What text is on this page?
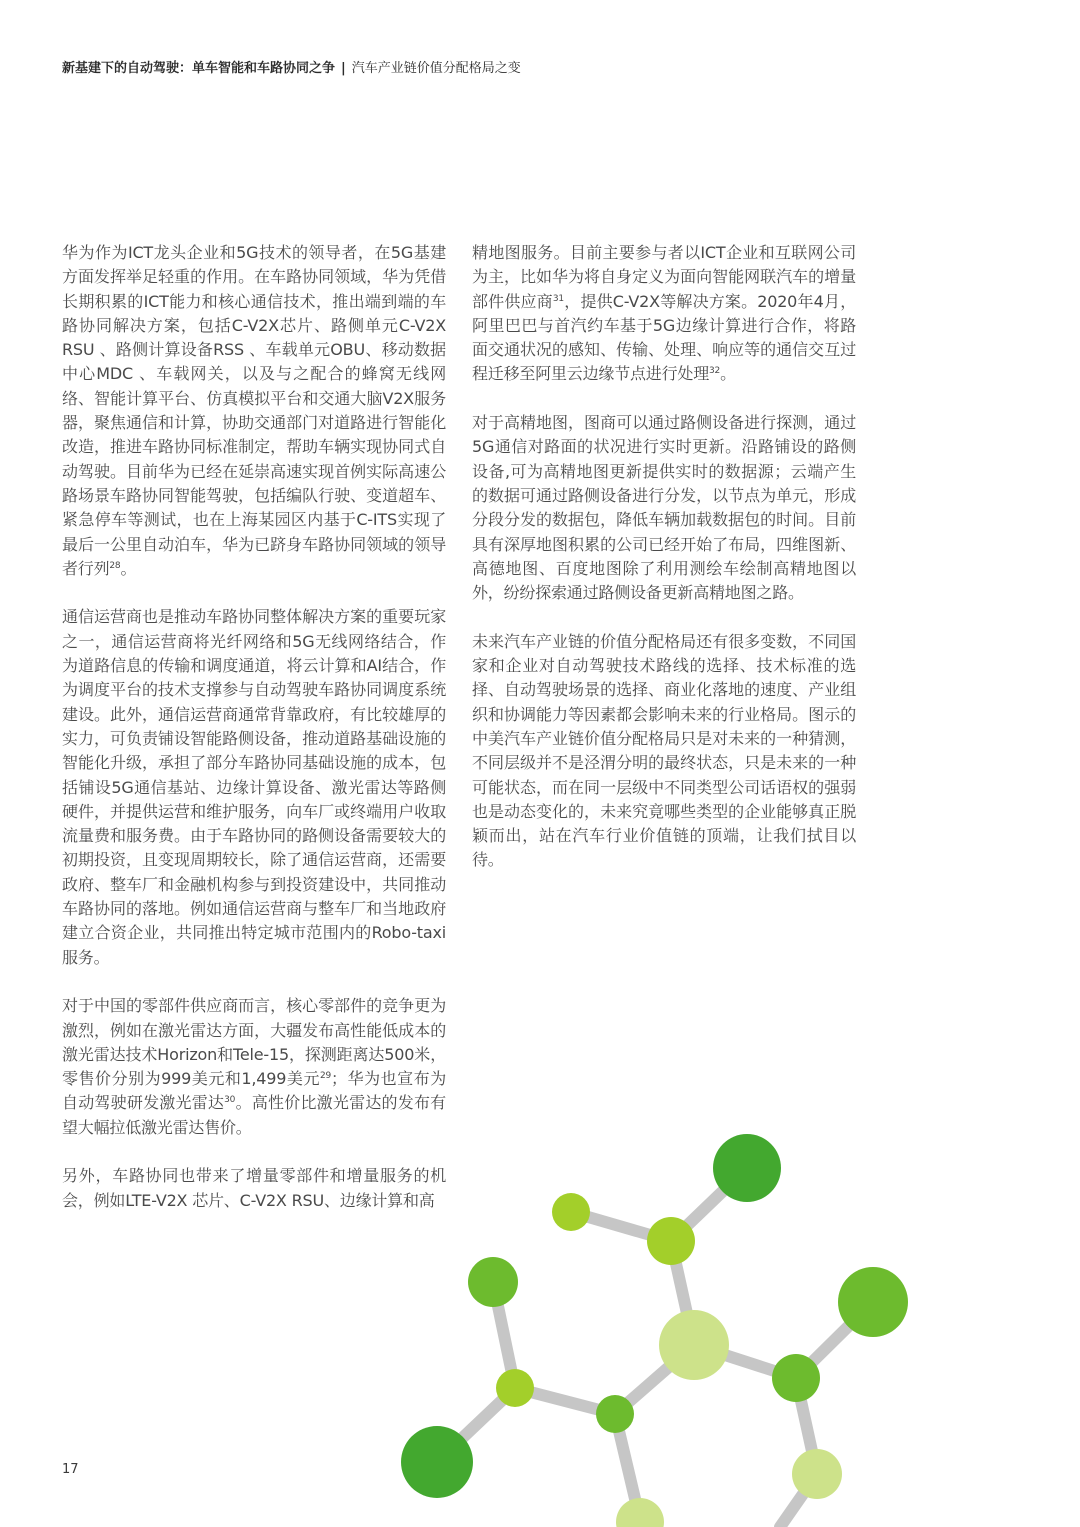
新基建下的自动驾驶：单车智能和车路协同之争 | 汽车产业链价值分配格局之变

华为作为ICT龙头企业和5G技术的领导者，在5G基建方面发挥举足轻重的作用。在车路协同领域，华为凭借长期积累的ICT能力和核心通信技术，推出端到端的车路协同解决方案，包括C-V2X芯片、路侧单元C-V2X RSU 、路侧计算设备RSS 、车载单元OBU、移动数据中心MDC 、车载网关，以及与之配合的蜂窝无线网络、智能计算平台、仿真模拟平台和交通大脑V2X服务器，聚焦通信和计算，协助交通部门对道路进行智能化改造，推进车路协同标准制定，帮助车辆实现协同式自动驾驶。目前华为已经在延崇高速实现首例实际高速公路场景车路协同智能驾驶，包括编队行驶、变道超车、紧急停车等测试，也在上海某园区内基于C-ITS实现了最后一公里自动泊车，华为已跻身车路协同领域的领导者行列$^{28}$。

通信运营商也是推动车路协同整体解决方案的重要玩家之一，通信运营商将光纤网络和5G无线网络结合，作为道路信息的传输和调度通道，将云计算和AI结合，作为调度平台的技术支撑参与自动驾驶车路协同调度系统建设。此外，通信运营商通常背靠政府，有比较雄厚的实力，可负责铺设智能路侧设备，推动道路基础设施的智能化升级，承担了部分车路协同基础设施的成本，包括铺设5G通信基站、边缘计算设备、激光雷达等路侧硬件，并提供运营和维护服务，向车厂或终端用户收取流量费和服务费。由于车路协同的路侧设备需要较大的初期投资，且变现周期较长，除了通信运营商，还需要政府、整车厂和金融机构参与到投资建设中，共同推动车路协同的落地。例如通信运营商与整车厂和当地政府建立合资企业，共同推出特定城市范围内的Robo-taxi服务。

对于中国的零部件供应商而言，核心零部件的竞争更为激烈，例如在激光雷达方面，大疆发布高性能低成本的激光雷达技术Horizon和Tele-15，探测距离达500米，零售价分别为999美元和1,499美元$^{29}$；华为也宣布为自动驾驶研发激光雷达$^{30}$。高性价比激光雷达的发布有望大幅拉低激光雷达售价。

另外，车路协同也带来了增量零部件和增量服务的机会，例如LTE-V2X 芯片、C-V2X RSU、边缘计算和高

精地图服务。目前主要参与者以ICT企业和互联网公司为主，比如华为将自身定义为面向智能网联汽车的增量部件供应商$^{31}$，提供C-V2X等解决方案。2020年4月，阿里巴巴与首汽约车基于5G边缘计算进行合作，将路面交通状况的感知、传输、处理、响应等的通信交互过程迁移至阿里云边缘节点进行处理$^{32}$。

对于高精地图，图商可以通过路侧设备进行探测，通过5G通信对路面的状况进行实时更新。沿路铺设的路侧设备,可为高精地图更新提供实时的数据源；云端产生的数据可通过路侧设备进行分发，以节点为单元，形成分段分发的数据包，降低车辆加载数据包的时间。目前具有深厚地图积累的公司已经开始了布局，四维图新、高德地图、百度地图除了利用测绘车绘制高精地图以外，纷纷探索通过路侧设备更新高精地图之路。

未来汽车产业链的价值分配格局还有很多变数，不同国家和企业对自动驾驶技术路线的选择、技术标准的选择、自动驾驶场景的选择、商业化落地的速度、产业组织和协调能力等因素都会影响未来的行业格局。图示的中美汽车产业链价值分配格局只是对未来的一种猜测，不同层级并不是泾渭分明的最终状态，只是未来的一种可能状态，而在同一层级中不同类型公司话语权的强弱也是动态变化的，未来究竟哪些类型的企业能够真正脱颖而出，站在汽车行业价值链的顶端，让我们拭目以待。

17
